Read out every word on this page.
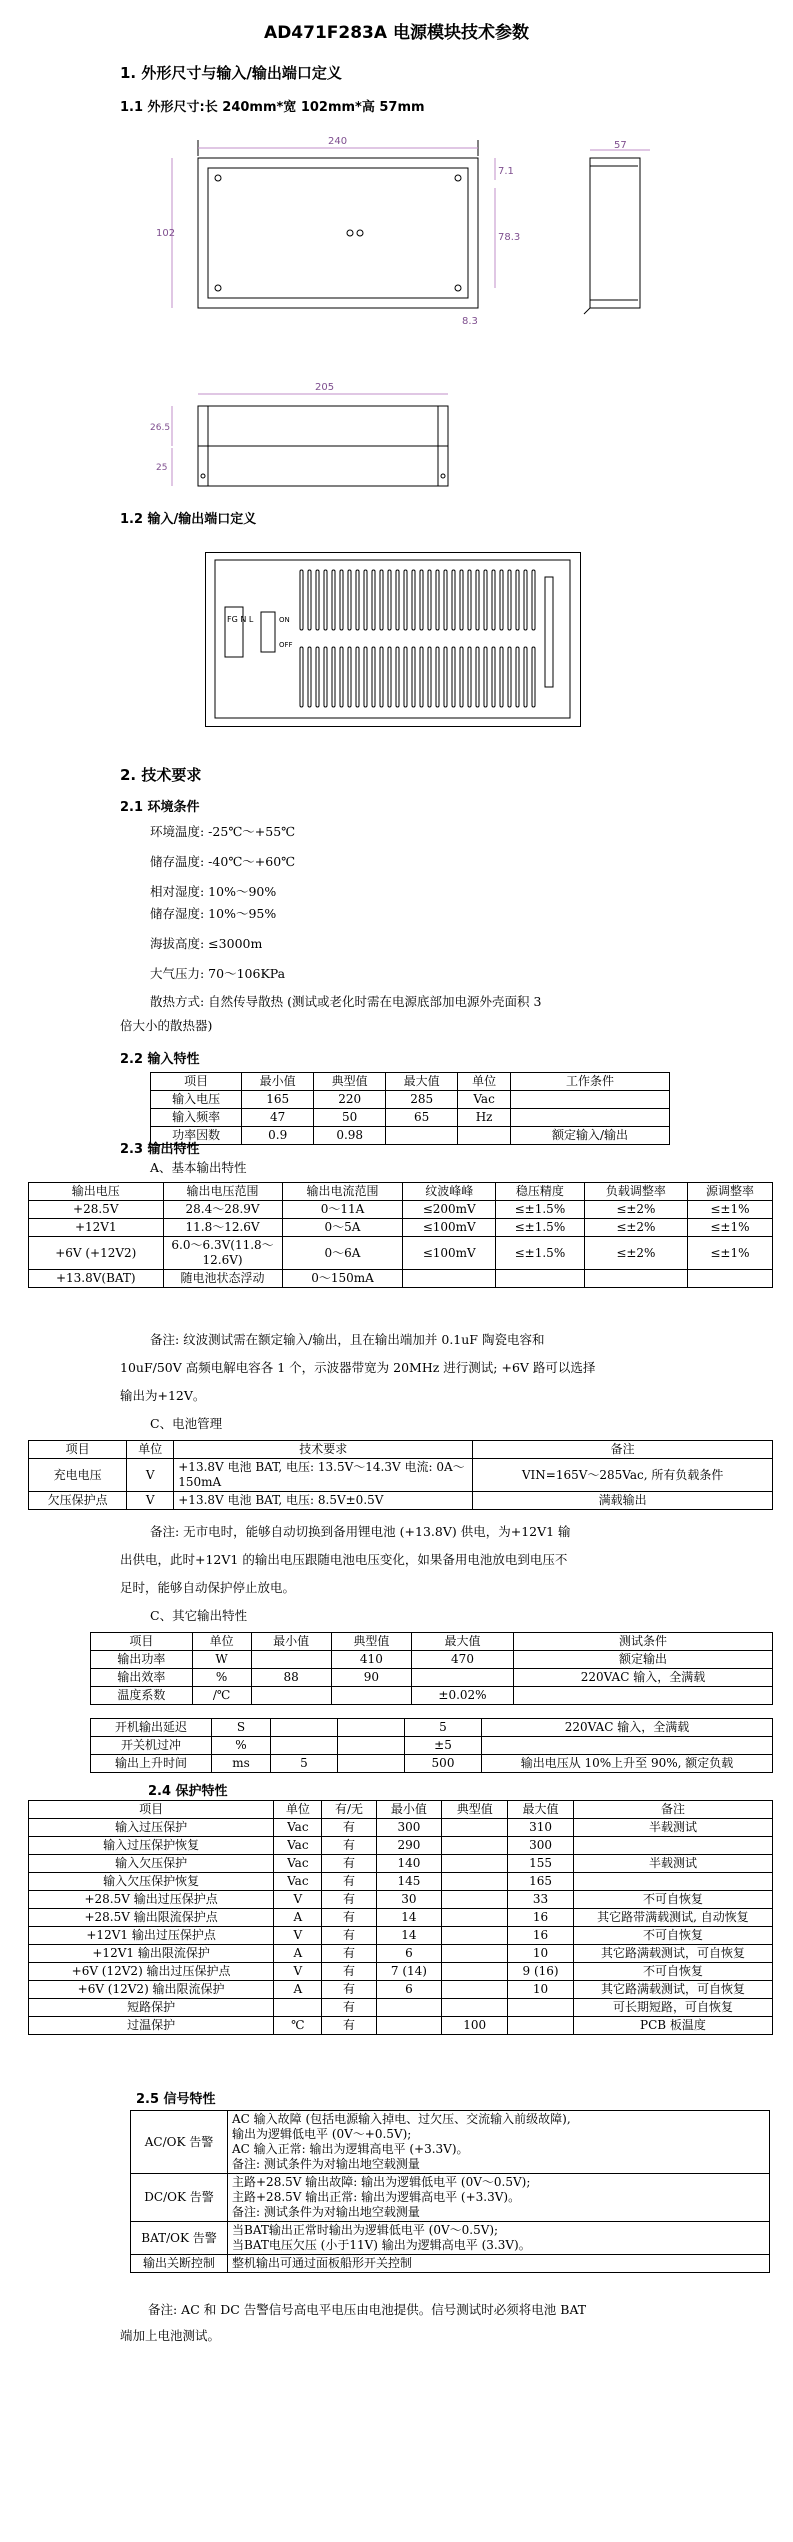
AD471F283A 电源模块技术参数
1. 外形尺寸与输入/输出端口定义
1.1 外形尺寸:长 240mm*宽 102mm*高 57mm
240
102	78.3
7.1
8.3
57
205
26.5
25
1.2 输入/输出端口定义
FG N L	ON
OFF
2. 技术要求
2.1 环境条件
环境温度: -25℃～+55℃
储存温度: -40℃～+60℃
相对湿度: 10%～90%
储存湿度: 10%～95%
海拔高度: ≤3000m
大气压力: 70～106KPa
散热方式: 自然传导散热 (测试或老化时需在电源底部加电源外壳面积 3
倍大小的散热器)
2.2 输入特性
项目	最小值	典型值	最大值	单位	工作条件
输入电压	165	220	285	Vac	
输入频率	47	50	65	Hz	
功率因数	0.9	0.98			额定输入/输出
2.3 输出特性
A、基本输出特性
输出电压	输出电压范围	输出电流范围	纹波峰峰	稳压精度	负载调整率	源调整率
+28.5V	28.4～28.9V	0～11A	≤200mV	≤±1.5%	≤±2%	≤±1%
+12V1	11.8～12.6V	0～5A	≤100mV	≤±1.5%	≤±2%	≤±1%
+6V (+12V2)	6.0～6.3V(11.8～12.6V)	0～6A	≤100mV	≤±1.5%	≤±2%	≤±1%
+13.8V(BAT)	随电池状态浮动	0～150mA				
备注: 纹波测试需在额定输入/输出，且在输出端加并 0.1uF 陶瓷电容和
10uF/50V 高频电解电容各 1 个，示波器带宽为 20MHz 进行测试; +6V 路可以选择
输出为+12V。
C、电池管理
项目	单位	技术要求	备注
充电电压	V	+13.8V 电池 BAT, 电压: 13.5V～14.3V 电流: 0A～150mA	VIN=165V～285Vac, 所有负载条件
欠压保护点	V	+13.8V 电池 BAT, 电压: 8.5V±0.5V	满载输出
备注: 无市电时，能够自动切换到备用锂电池 (+13.8V) 供电，为+12V1 输
出供电，此时+12V1 的输出电压跟随电池电压变化，如果备用电池放电到电压不
足时，能够自动保护停止放电。
C、其它输出特性
项目	单位	最小值	典型值	最大值	测试条件
输出功率	W		410	470	额定输出
输出效率	%	88	90		220VAC 输入，全满载
温度系数	/℃			±0.02%	
开机输出延迟	S			5	220VAC 输入，全满载
开关机过冲	%			±5	
输出上升时间	ms	5		500	输出电压从 10%上升至 90%, 额定负载
2.4 保护特性
项目	单位	有/无	最小值	典型值	最大值	备注
输入过压保护	Vac	有	300		310	半载测试
输入过压保护恢复	Vac	有	290		300	
输入欠压保护	Vac	有	140		155	半载测试
输入欠压保护恢复	Vac	有	145		165	
+28.5V 输出过压保护点	V	有	30		33	不可自恢复
+28.5V 输出限流保护点	A	有	14		16	其它路带满载测试, 自动恢复
+12V1 输出过压保护点	V	有	14		16	不可自恢复
+12V1 输出限流保护	A	有	6		10	其它路满载测试，可自恢复
+6V (12V2) 输出过压保护点	V	有	7 (14)		9 (16)	不可自恢复
+6V (12V2) 输出限流保护	A	有	6		10	其它路满载测试，可自恢复
短路保护		有				可长期短路，可自恢复
过温保护	℃	有		100		PCB 板温度
2.5 信号特性
AC/OK 告警	AC 输入故障 (包括电源输入掉电、过欠压、交流输入前级故障),
输出为逻辑低电平 (0V～+0.5V);
AC 输入正常: 输出为逻辑高电平 (+3.3V)。
备注: 测试条件为对输出地空载测量

DC/OK 告警	主路+28.5V 输出故障: 输出为逻辑低电平 (0V～0.5V);
主路+28.5V 输出正常: 输出为逻辑高电平 (+3.3V)。
备注: 测试条件为对输出地空载测量

BAT/OK 告警	当BAT输出正常时输出为逻辑低电平 (0V～0.5V);
当BAT电压欠压 (小于11V) 输出为逻辑高电平 (3.3V)。

输出关断控制	整机输出可通过面板船形开关控制
备注: AC 和 DC 告警信号高电平电压由电池提供。信号测试时必须将电池 BAT
端加上电池测试。
